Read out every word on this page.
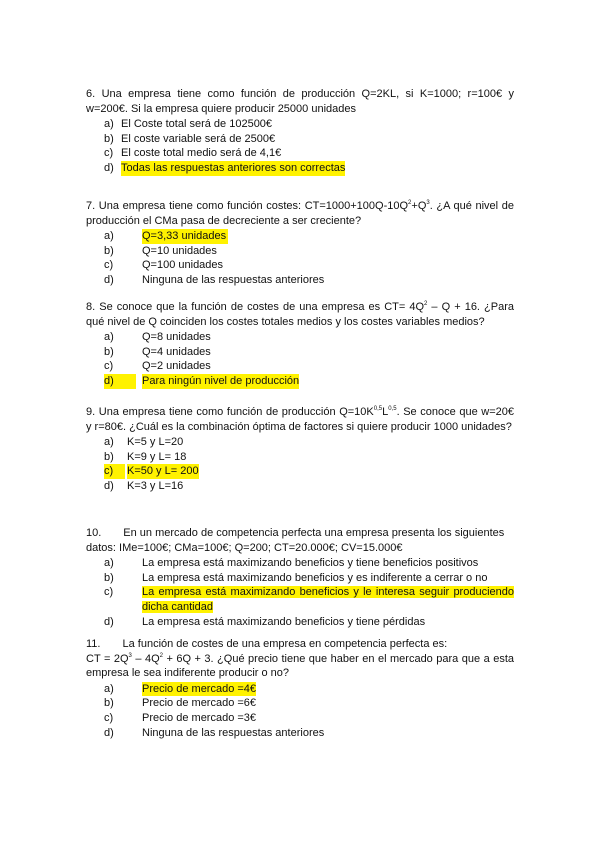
6. Una empresa tiene como función de producción Q=2KL, si K=1000; r=100€ y w=200€. Si la empresa quiere producir 25000 unidades
a) El Coste total será de 102500€
b) El coste variable será de 2500€
c) El coste total medio será de 4,1€
d) Todas las respuestas anteriores son correctas
7. Una empresa tiene como función costes: $CT=1000+100Q-10Q^2+Q^3$. ¿A qué nivel de producción el CMa pasa de decreciente a ser creciente?
a)	Q=3,33 unidades
b)	Q=10 unidades
c)	Q=100 unidades
d)	Ninguna de las respuestas anteriores
8. Se conoce que la función de costes de una empresa es $CT= 4Q^2 - Q + 16$. ¿Para qué nivel de Q coinciden los costes totales medios y los costes variables medios?
a)	Q=8 unidades
b)	Q=4 unidades
c)	Q=2 unidades
d)	Para ningún nivel de producción
9. Una empresa tiene como función de producción $Q=10K^{0,5}L^{0,5}$. Se conoce que w=20€ y r=80€. ¿Cuál es la combinación óptima de factores si quiere producir 1000 unidades?
a) K=5 y L=20
b) K=9 y L= 18
c)	K=50 y L= 200
d) K=3 y L=16
10. En un mercado de competencia perfecta una empresa presenta los siguientes
datos: IMe=100€; CMa=100€; Q=200; CT=20.000€; CV=15.000€
a)	La empresa está maximizando beneficios y tiene beneficios positivos
b)	La empresa está maximizando beneficios y es indiferente a cerrar o no
c)	La empresa está maximizando beneficios y le interesa seguir produciendo dicha cantidad
d)	La empresa está maximizando beneficios y tiene pérdidas
11. La función de costes de una empresa en competencia perfecta es:
CT = $2Q^3 - 4Q^2 + 6Q + 3$. ¿Qué precio tiene que haber en el mercado para que a esta empresa le sea indiferente producir o no?
a)	Precio de mercado =4€
b)	Precio de mercado =6€
c)	Precio de mercado =3€
d)	Ninguna de las respuestas anteriores
